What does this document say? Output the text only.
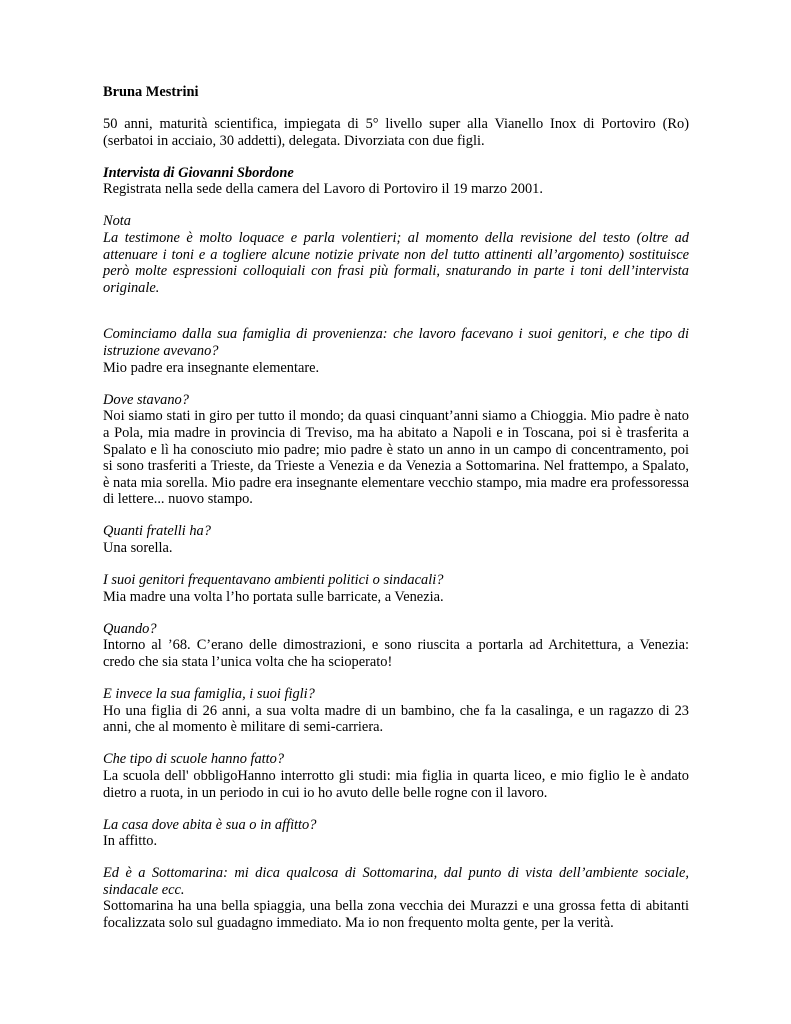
Bruna Mestrini

50 anni, maturità scientifica, impiegata di 5° livello super alla Vianello Inox di Portoviro (Ro) (serbatoi in acciaio, 30 addetti), delegata. Divorziata con due figli.

Intervista di Giovanni Sbordone

Registrata nella sede della camera del Lavoro di Portoviro il 19 marzo 2001.

Nota

La testimone è molto loquace e parla volentieri; al momento della revisione del testo (oltre ad attenuare i toni e a togliere alcune notizie private non del tutto attinenti all’argomento) sostituisce però molte espressioni colloquiali con frasi più formali, snaturando in parte i toni dell’intervista originale.

Cominciamo dalla sua famiglia di provenienza: che lavoro facevano i suoi genitori, e che tipo di istruzione avevano?

Mio padre era insegnante elementare.

Dove stavano?

Noi siamo stati in giro per tutto il mondo; da quasi cinquant’anni siamo a Chioggia. Mio padre è nato a Pola, mia madre in provincia di Treviso, ma ha abitato a Napoli e in Toscana, poi si è trasferita a Spalato e lì ha conosciuto mio padre; mio padre è stato un anno in un campo di concentramento, poi si sono trasferiti a Trieste, da Trieste a Venezia e da Venezia a Sottomarina. Nel frattempo, a Spalato, è nata mia sorella. Mio padre era insegnante elementare vecchio stampo, mia madre era professoressa di lettere... nuovo stampo.

Quanti fratelli ha?

Una sorella.

I suoi genitori frequentavano ambienti politici o sindacali?

Mia madre una volta l’ho portata sulle barricate, a Venezia.

Quando?

Intorno al ’68. C’erano delle dimostrazioni, e sono riuscita a portarla ad Architettura, a Venezia: credo che sia stata l’unica volta che ha scioperato!

E invece la sua famiglia, i suoi figli?

Ho una figlia di 26 anni, a sua volta madre di un bambino, che fa la casalinga, e un ragazzo di 23 anni, che al momento è militare di semi-carriera.

Che tipo di scuole hanno fatto?

La scuola dell' obbligoHanno interrotto gli studi: mia figlia in quarta liceo, e mio figlio le è andato dietro a ruota, in un periodo in cui io ho avuto delle belle rogne con il lavoro.

La casa dove abita è sua o in affitto?

In affitto.

Ed è a Sottomarina: mi dica qualcosa di Sottomarina, dal punto di vista dell’ambiente sociale, sindacale ecc.

Sottomarina ha una bella spiaggia, una bella zona vecchia dei Murazzi e una grossa fetta di abitanti focalizzata solo sul guadagno immediato. Ma io non frequento molta gente, per la verità.
